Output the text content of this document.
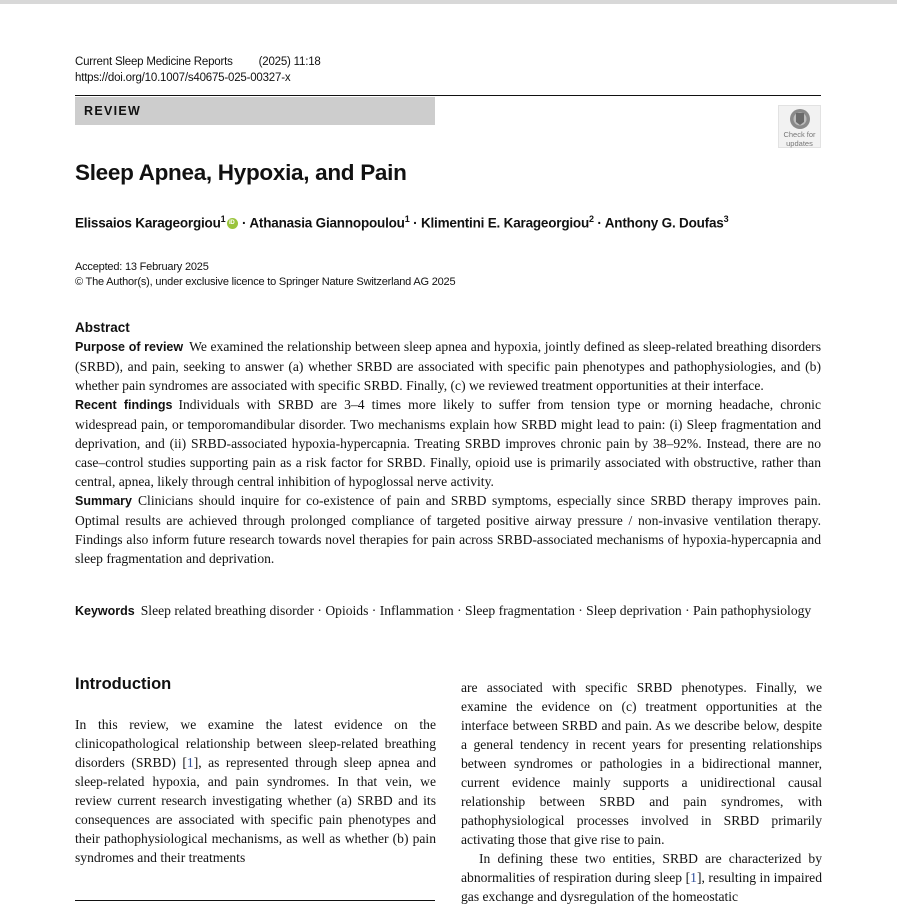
Current Sleep Medicine Reports (2025) 11:18
https://doi.org/10.1007/s40675-025-00327-x
REVIEW
Check for
updates
Sleep Apnea, Hypoxia, and Pain
Elissaios Karageorgiou$^1$iD · Athanasia Giannopoulou$^1$ · Klimentini E. Karageorgiou$^2$ · Anthony G. Doufas$^3$
Accepted: 13 February 2025
© The Author(s), under exclusive licence to Springer Nature Switzerland AG 2025
Abstract

Purpose of review We examined the relationship between sleep apnea and hypoxia, jointly defined as sleep-related breathing disorders (SRBD), and pain, seeking to answer (a) whether SRBD are associated with specific pain phenotypes and pathophysiologies, and (b) whether pain syndromes are associated with specific SRBD. Finally, (c) we reviewed treatment opportunities at their interface.

Recent findings Individuals with SRBD are 3–4 times more likely to suffer from tension type or morning headache, chronic widespread pain, or temporomandibular disorder. Two mechanisms explain how SRBD might lead to pain: (i) Sleep fragmentation and deprivation, and (ii) SRBD-associated hypoxia-hypercapnia. Treating SRBD improves chronic pain by 38–92%. Instead, there are no case–control studies supporting pain as a risk factor for SRBD. Finally, opioid use is primarily associated with obstructive, rather than central, apnea, likely through central inhibition of hypoglossal nerve activity.

Summary Clinicians should inquire for co-existence of pain and SRBD symptoms, especially since SRBD therapy improves pain. Optimal results are achieved through prolonged compliance of targeted positive airway pressure / non-invasive ventilation therapy. Findings also inform future research towards novel therapies for pain across SRBD-associated mechanisms of hypoxia-hypercapnia and sleep fragmentation and deprivation.

Keywords Sleep related breathing disorder · Opioids · Inflammation · Sleep fragmentation · Sleep deprivation · Pain pathophysiology

Introduction

In this review, we examine the latest evidence on the clinicopathological relationship between sleep-related breathing disorders (SRBD) [1], as represented through sleep apnea and sleep-related hypoxia, and pain syndromes. In that vein, we review current research investigating whether (a) SRBD and its consequences are associated with specific pain phenotypes and their pathophysiological mechanisms, as well as whether (b) pain syndromes and their treatments

are associated with specific SRBD phenotypes. Finally, we examine the evidence on (c) treatment opportunities at the interface between SRBD and pain. As we describe below, despite a general tendency in recent years for presenting relationships between syndromes or pathologies in a bidirectional manner, current evidence mainly supports a unidirectional causal relationship between SRBD and pain syndromes, with pathophysiological processes involved in SRBD primarily activating those that give rise to pain.

In defining these two entities, SRBD are characterized by abnormalities of respiration during sleep [1], resulting in impaired gas exchange and dysregulation of the homeostatic
